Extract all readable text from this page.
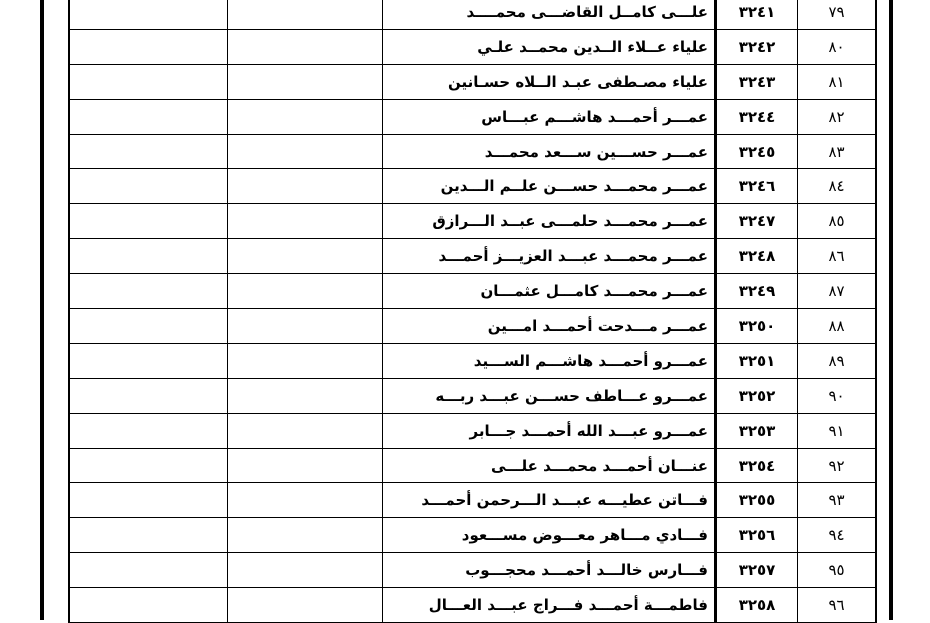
		علـــى كامــل القاضـــى محمــــد	٣٢٤١	٧٩
		علياء عــلاء الــدين محمــد علـي	٣٢٤٢	٨٠
		علياء مصـطفى عبـد الــلاه حسـانين	٣٢٤٣	٨١
		عمـــر أحمـــد هاشـــم عبـــاس	٣٢٤٤	٨٢
		عمـــر حســـين ســـعد محمـــد	٣٢٤٥	٨٣
		عمـــر محمـــد حســـن علــم الـــدين	٣٢٤٦	٨٤
		عمـــر محمـــد حلمـــى عبــد الـــرازق	٣٢٤٧	٨٥
		عمـــر محمـــد عبـــد العزيـــز أحمـــد	٣٢٤٨	٨٦
		عمـــر محمـــد كامـــل عثمـــان	٣٢٤٩	٨٧
		عمـــر مـــدحت أحمـــد امـــين	٣٢٥٠	٨٨
		عمـــرو أحمـــد هاشـــم الســـيد	٣٢٥١	٨٩
		عمـــرو عـــاطف حســـن عبـــد ربـــه	٣٢٥٢	٩٠
		عمـــرو عبـــد الله أحمـــد جـــابر	٣٢٥٣	٩١
		عنـــان أحمـــد محمـــد علـــى	٣٢٥٤	٩٢
		فـــاتن عطيـــه عبـــد الـــرحمن أحمـــد	٣٢٥٥	٩٣
		فـــادي مـــاهر معـــوض مســـعود	٣٢٥٦	٩٤
		فـــارس خالـــد أحمـــد محجـــوب	٣٢٥٧	٩٥
		فاطمـــة أحمـــد فـــراج عبـــد العـــال	٣٢٥٨	٩٦
